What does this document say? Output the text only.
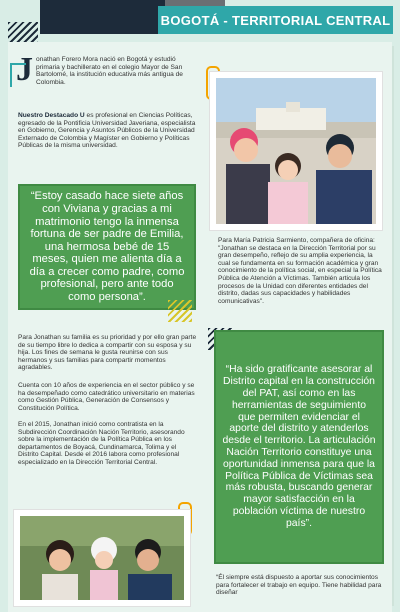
BOGOTÁ - TERRITORIAL CENTRAL
J onathan Forero Mora nació en Bogotá y estudió primaria y bachillerato en el colegio Mayor de San Bartolomé, la institución educativa más antigua de Colombia.
Nuestro Destacado U es profesional en Ciencias Políticas, egresado de la Pontificia Universidad Javeriana, especialista en Gobierno, Gerencia y Asuntos Públicos de la Universidad Externado de Colombia y Magíster en Gobierno y Políticas Públicas de la misma universidad.
“Estoy casado hace siete años con Viviana y gracias a mi matrimonio tengo la inmensa fortuna de ser padre de Emilia, una hermosa bebé de 15 meses, quien me alienta día a día a crecer como padre, como profesional, pero ante todo como persona”.
Para María Patricia Sarmiento, compañera de oficina: "Jonathan se destaca en la Dirección Territorial por su gran desempeño, reflejo de su amplia experiencia, la cual se fundamenta en su formación académica y gran conocimiento de la política social, en especial la Política Pública de Atención a Víctimas. También articula los procesos de la Unidad con diferentes entidades del distrito, dadas sus capacidades y habilidades comunicativas".
Para Jonathan su familia es su prioridad y por ello gran parte de su tiempo libre lo dedica a compartir con su esposa y su hija. Los fines de semana le gusta reunirse con sus hermanos y sus familias para compartir momentos agradables.
Cuenta con 10 años de experiencia en el sector público y se ha desempeñado como catedrático universitario en materias como Gestión Pública, Generación de Consensos y Constitución Política.
En el 2015, Jonathan inició como contratista en la Subdirección Coordinación Nación Territorio, asesorando sobre la implementación de la Política Pública en los departamentos de Boyacá, Cundinamarca, Tolima y el Distrito Capital. Desde el 2016 labora como profesional especializado en la Dirección Territorial Central.
“Ha sido gratificante asesorar al Distrito capital en la construcción del PAT, así como en las herramientas de seguimiento que permiten evidenciar el aporte del distrito y atenderlos desde el territorio. La articulación Nación Territorio constituye una oportunidad inmensa para que la Política Pública de Víctimas sea más robusta, buscando generar mayor satisfacción en la población víctima de nuestro país”.
“Él siempre está dispuesto a aportar sus conocimientos para fortalecer el trabajo en equipo. Tiene habilidad para diseñar
